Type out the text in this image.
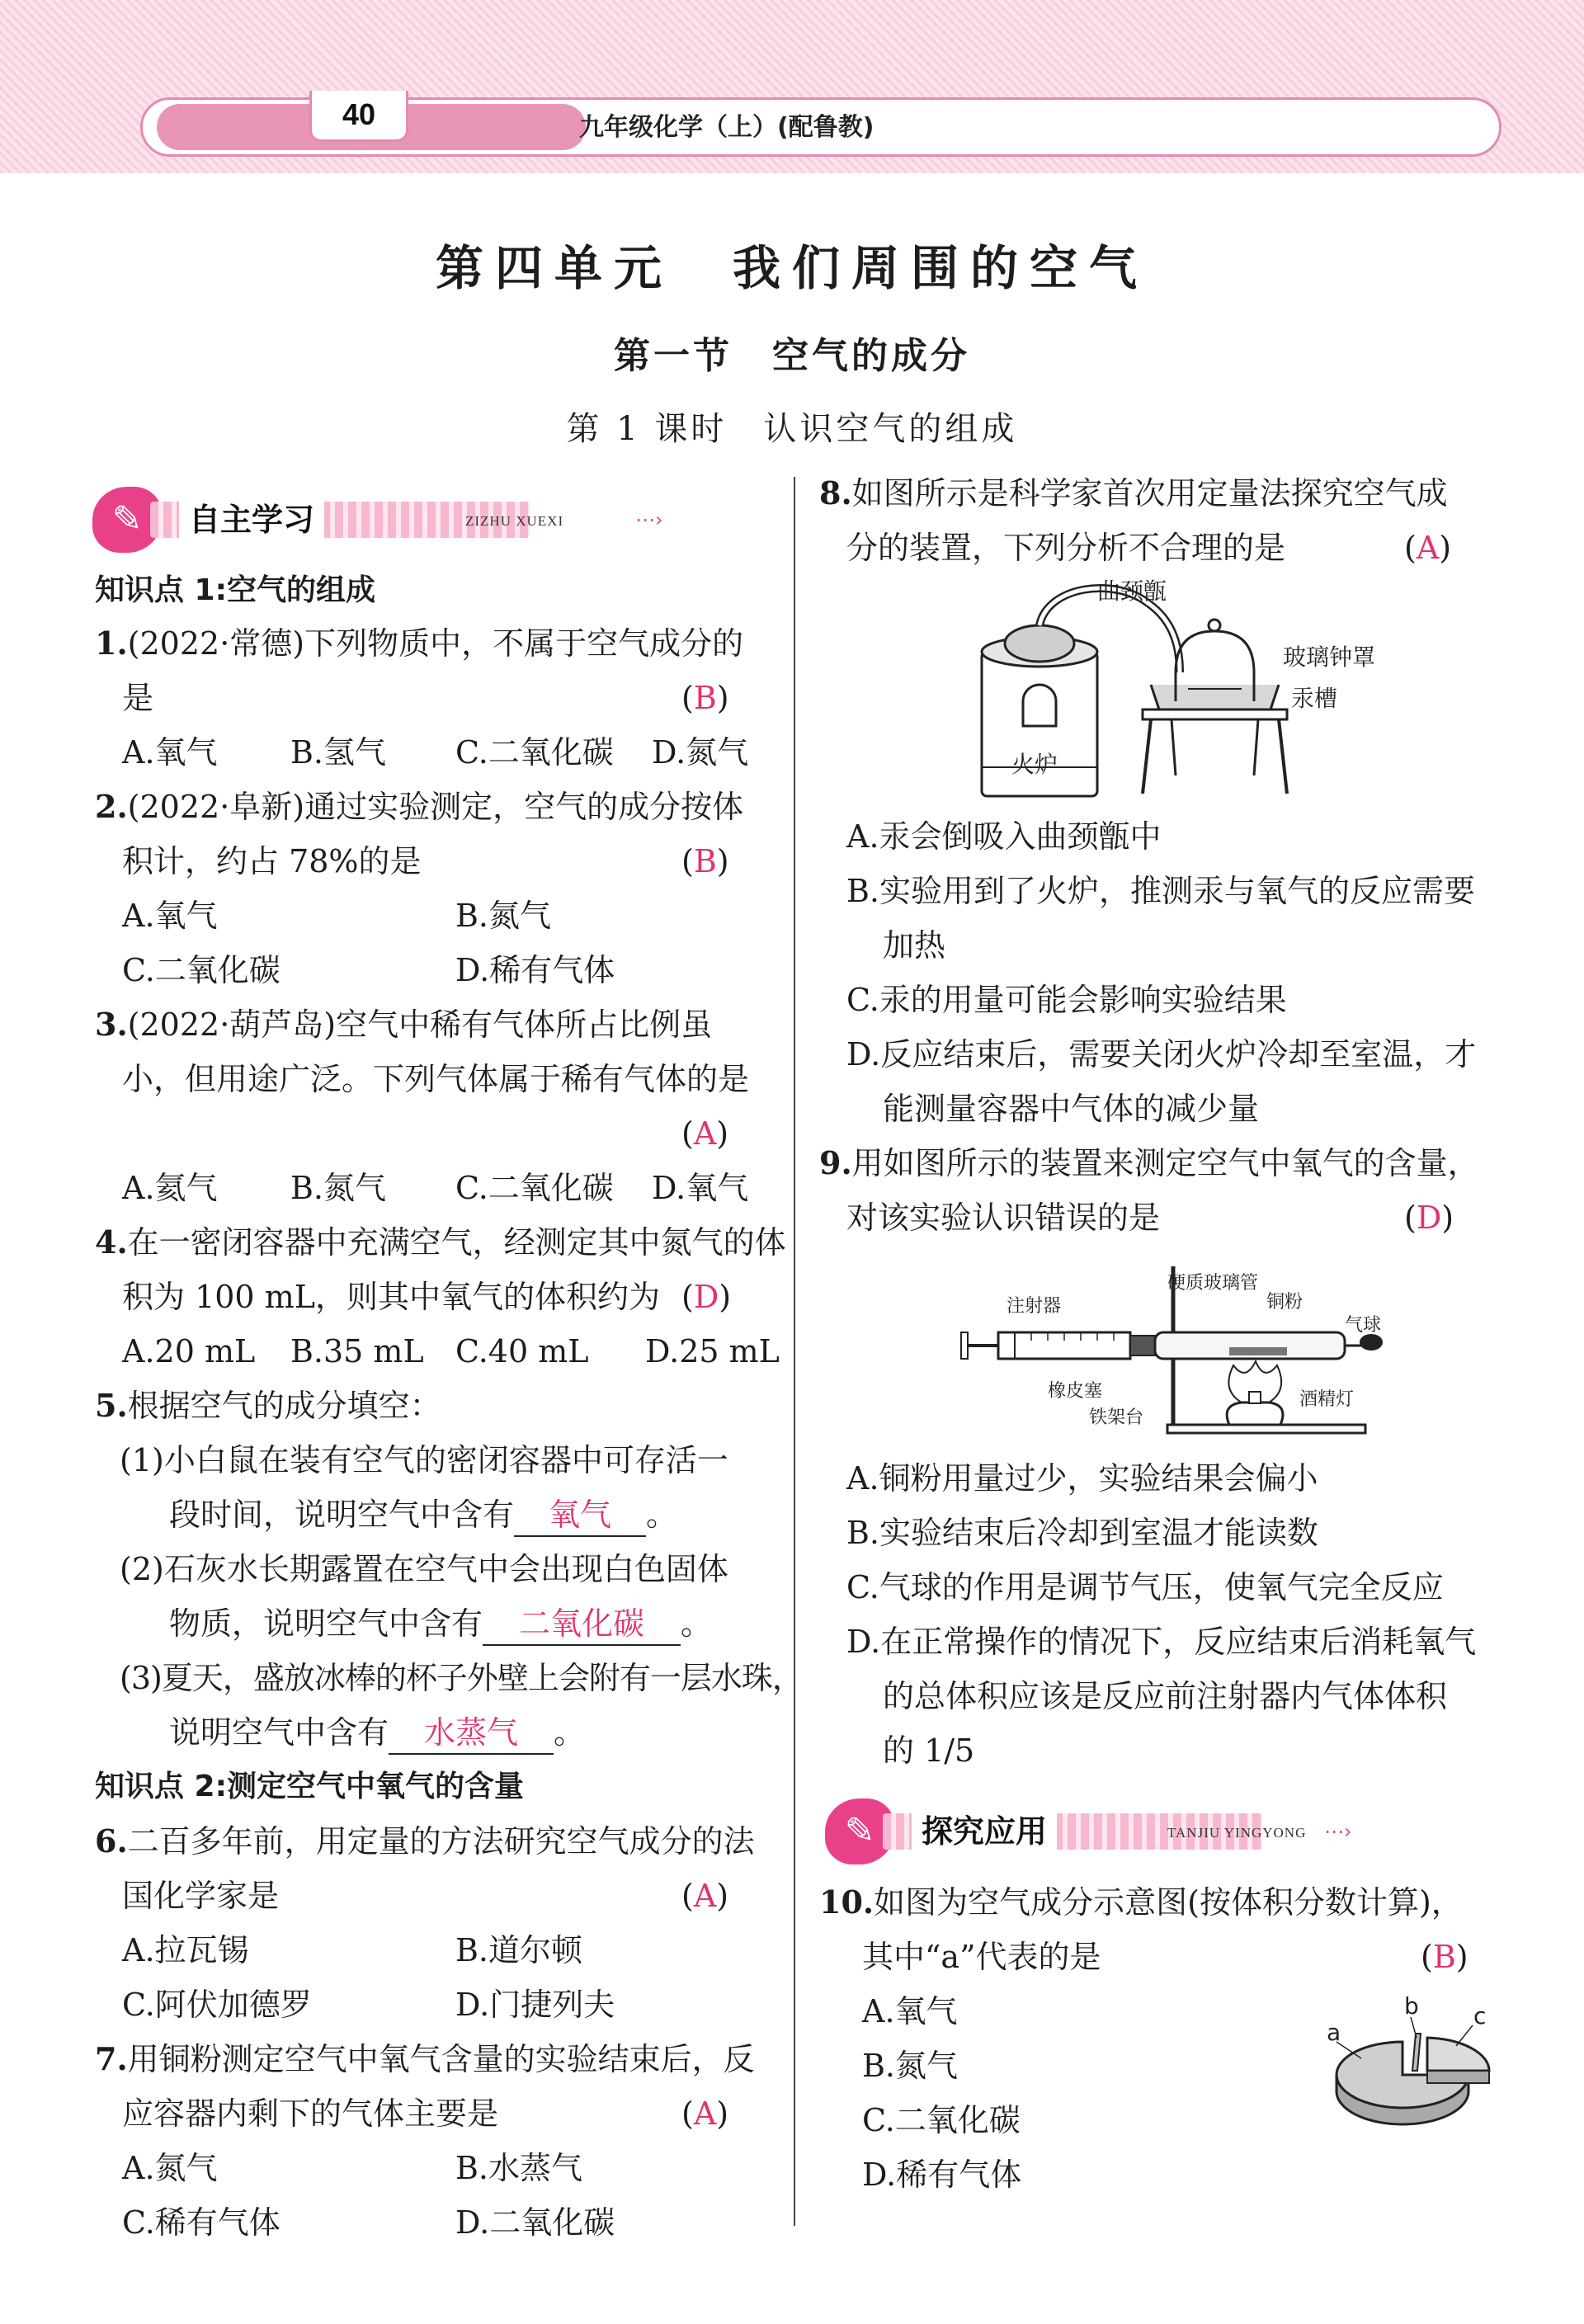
40	九年级化学（上）(配鲁教)
第四单元　我们周围的空气
第一节　空气的成分
第 1 课时　认识空气的组成
✎	自主学习	ZIZHU XUEXI	⋯›
知识点 1:空气的组成
1.(2022·常德)下列物质中，不属于空气成分的
是	(B)
A.氧气 B.氢气 C.二氧化碳 D.氮气
2.(2022·阜新)通过实验测定，空气的成分按体
积计，约占 78%的是	(B)
A.氧气	B.氮气
C.二氧化碳	D.稀有气体
3.(2022·葫芦岛)空气中稀有气体所占比例虽
小，但用途广泛。下列气体属于稀有气体的是
(A)
A.氦气 B.氮气 C.二氧化碳 D.氧气
4.在一密闭容器中充满空气，经测定其中氮气的体
积为 100 mL，则其中氧气的体积约为 (D)
A.20 mL B.35 mL C.40 mL D.25 mL
5.根据空气的成分填空：
(1)小白鼠在装有空气的密闭容器中可存活一
段时间，说明空气中含有 氧气 。
(2)石灰水长期露置在空气中会出现白色固体
物质，说明空气中含有 二氧化碳 。
(3)夏天，盛放冰棒的杯子外壁上会附有一层水珠，
说明空气中含有 水蒸气 。
知识点 2:测定空气中氧气的含量
6.二百多年前，用定量的方法研究空气成分的法
国化学家是	(A)
A.拉瓦锡	B.道尔顿
C.阿伏加德罗	D.门捷列夫
7.用铜粉测定空气中氧气含量的实验结束后，反
应容器内剩下的气体主要是	(A)
A.氮气	B.水蒸气
C.稀有气体	D.二氧化碳
8.如图所示是科学家首次用定量法探究空气成
分的装置，下列分析不合理的是	(A)
曲颈甑
玻璃钟罩
汞槽
火炉
A.汞会倒吸入曲颈甑中
B.实验用到了火炉，推测汞与氧气的反应需要
加热
C.汞的用量可能会影响实验结果
D.反应结束后，需要关闭火炉冷却至室温，才
能测量容器中气体的减少量
9.用如图所示的装置来测定空气中氧气的含量，
对该实验认识错误的是	(D)
注射器
硬质玻璃管
铜粉
气球
橡皮塞
铁架台
酒精灯
A.铜粉用量过少，实验结果会偏小
B.实验结束后冷却到室温才能读数
C.气球的作用是调节气压，使氧气完全反应
D.在正常操作的情况下，反应结束后消耗氧气
的总体积应该是反应前注射器内气体体积
的 1/5
✎	探究应用	TANJIU YINGYONG ⋯›
10.如图为空气成分示意图(按体积分数计算)，
其中“a”代表的是	(B)
A.氧气
B.氮气
C.二氧化碳
D.稀有气体
a
b c
